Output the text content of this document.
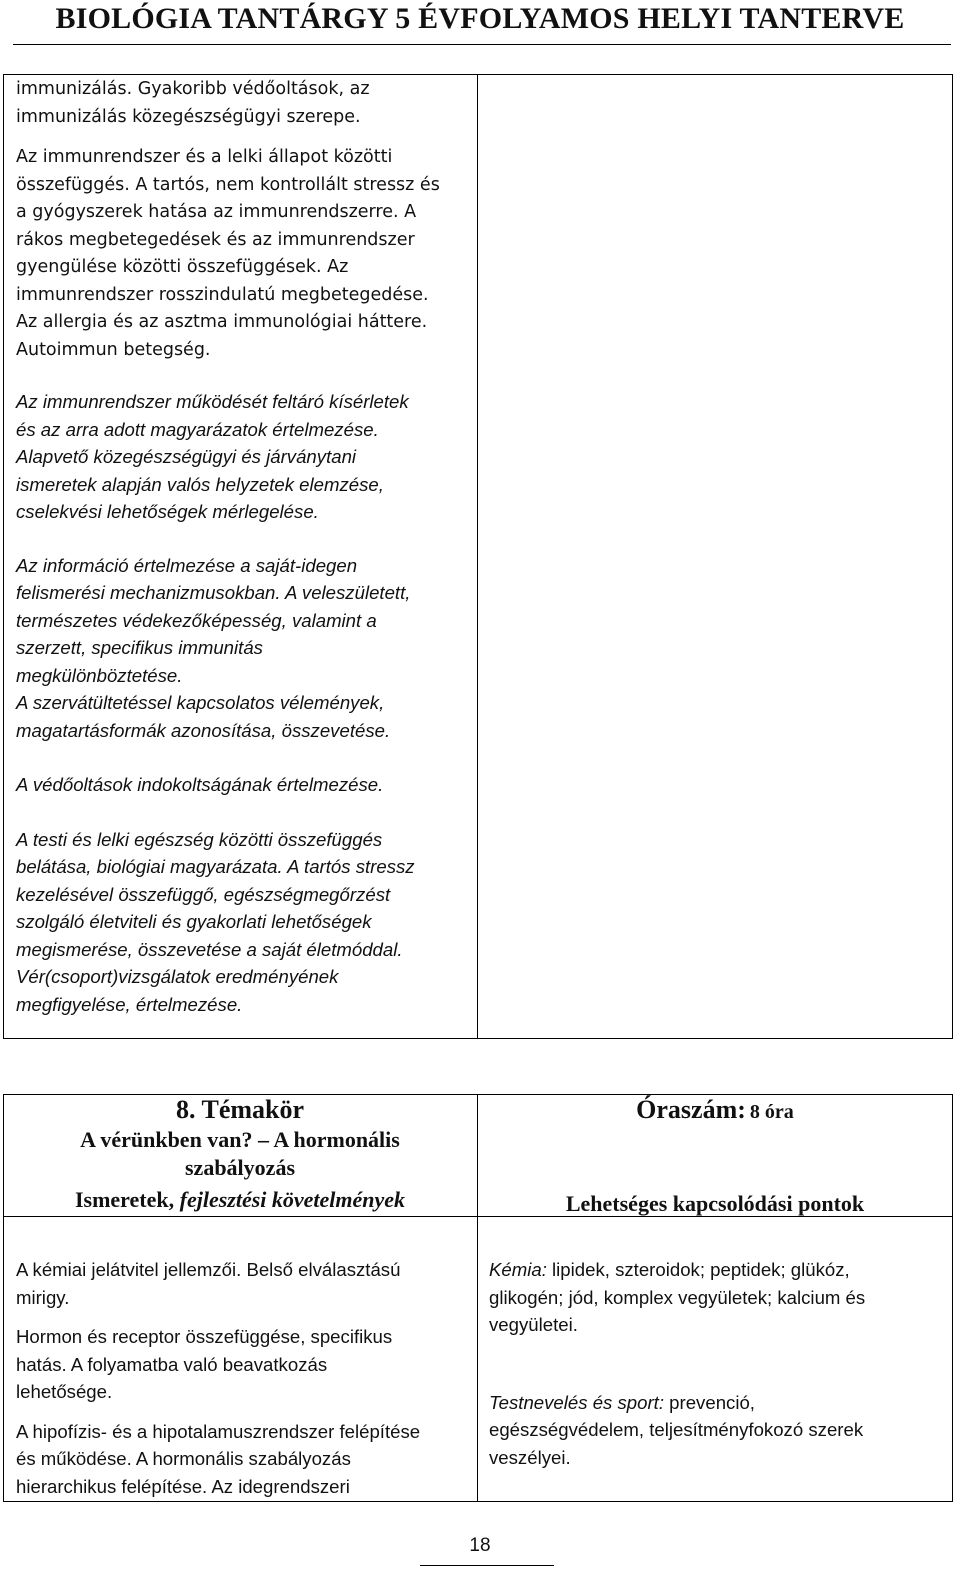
BIOLÓGIA TANTÁRGY 5 ÉVFOLYAMOS HELYI TANTERVE
immunizálás. Gyakoribb védőoltások, az
immunizálás közegészségügyi szerepe.
Az immunrendszer és a lelki állapot közötti
összefüggés. A tartós, nem kontrollált stressz és
a gyógyszerek hatása az immunrendszerre. A
rákos megbetegedések és az immunrendszer
gyengülése közötti összefüggések. Az
immunrendszer rosszindulatú megbetegedése.
Az allergia és az asztma immunológiai háttere.
Autoimmun betegség.
Az immunrendszer működését feltáró kísérletek
és az arra adott magyarázatok értelmezése.
Alapvető közegészségügyi és járványtani
ismeretek alapján valós helyzetek elemzése,
cselekvési lehetőségek mérlegelése.
Az információ értelmezése a saját-idegen
felismerési mechanizmusokban. A veleszületett,
természetes védekezőképesség, valamint a
szerzett, specifikus immunitás
megkülönböztetése.
A szervátültetéssel kapcsolatos vélemények,
magatartásformák azonosítása, összevetése.
A védőoltások indokoltságának értelmezése.
A testi és lelki egészség közötti összefüggés
belátása, biológiai magyarázata. A tartós stressz
kezelésével összefüggő, egészségmegőrzést
szolgáló életviteli és gyakorlati lehetőségek
megismerése, összevetése a saját életmóddal.
Vér(csoport)vizsgálatok eredményének
megfigyelése, értelmezése.
8. Témakör
A vérünkben van? – A hormonális
szabályozás
Ismeretek, fejlesztési követelmények
Óraszám: 8 óra
Lehetséges kapcsolódási pontok
A kémiai jelátvitel jellemzői. Belső elválasztású
mirigy.
Hormon és receptor összefüggése, specifikus
hatás. A folyamatba való beavatkozás
lehetősége.
A hipofízis- és a hipotalamuszrendszer felépítése
és működése. A hormonális szabályozás
hierarchikus felépítése. Az idegrendszeri
Kémia: lipidek, szteroidok; peptidek; glükóz,
glikogén; jód, komplex vegyületek; kalcium és
vegyületei.
Testnevelés és sport: prevenció,
egészségvédelem, teljesítményfokozó szerek
veszélyei.
18
